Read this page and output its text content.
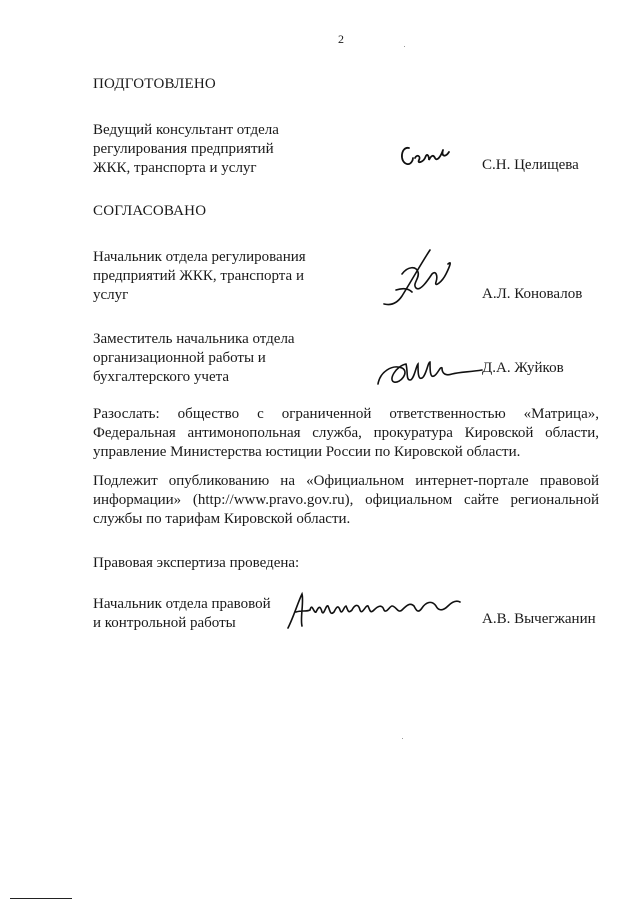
2
ПОДГОТОВЛЕНО
Ведущий консультант отдела
регулирования предприятий
ЖКК, транспорта и услуг	С.Н. Целищева
СОГЛАСОВАНО
Начальник отдела регулирования
предприятий ЖКК, транспорта и
услуг	А.Л. Коновалов
Заместитель начальника отдела
организационной работы и
бухгалтерского учета
Д.А. Жуйков
Разослать: общество с ограниченной ответственностью «Матрица»,
Федеральная антимонопольная служба, прокуратура Кировской области,
управление Министерства юстиции России по Кировской области.
Подлежит опубликованию на «Официальном интернет-портале правовой
информации» (http://www.pravo.gov.ru), официальном сайте региональной
службы по тарифам Кировской области.
Правовая экспертиза проведена:
Начальник отдела правовой
и контрольной работы	А.В. Вычегжанин
